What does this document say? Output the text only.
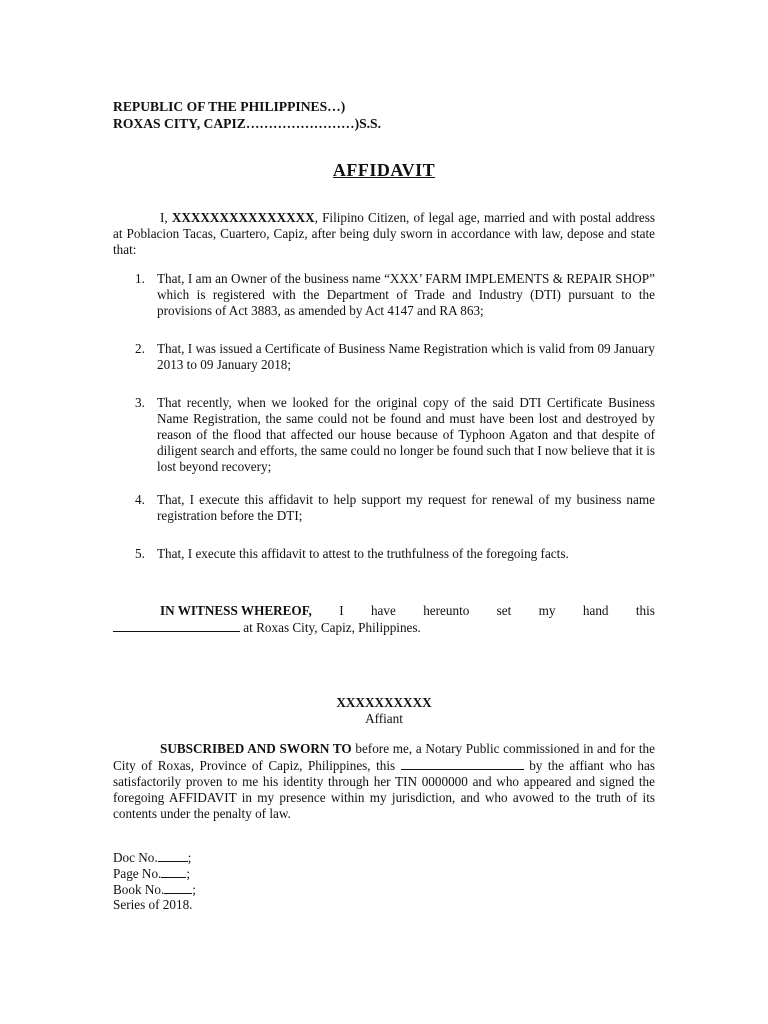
REPUBLIC OF THE PHILIPPINES…)
ROXAS CITY, CAPIZ……………………)S.S.
AFFIDAVIT
I, XXXXXXXXXXXXXXX, Filipino Citizen, of legal age, married and with postal address at Poblacion Tacas, Cuartero, Capiz, after being duly sworn in accordance with law, depose and state that:
1. That, I am an Owner of the business name “XXX’ FARM IMPLEMENTS & REPAIR SHOP” which is registered with the Department of Trade and Industry (DTI) pursuant to the provisions of Act 3883, as amended by Act 4147 and RA 863;
2. That, I was issued a Certificate of Business Name Registration which is valid from 09 January 2013 to 09 January 2018;
3. That recently, when we looked for the original copy of the said DTI Certificate Business Name Registration, the same could not be found and must have been lost and destroyed by reason of the flood that affected our house because of Typhoon Agaton and that despite of diligent search and efforts, the same could no longer be found such that I now believe that it is lost beyond recovery;
4. That, I execute this affidavit to help support my request for renewal of my business name registration before the DTI;
5. That, I execute this affidavit to attest to the truthfulness of the foregoing facts.
IN WITNESS WHEREOF, I have hereunto set my hand this
at Roxas City, Capiz, Philippines.
XXXXXXXXXX
Affiant
SUBSCRIBED AND SWORN TO before me, a Notary Public commissioned in and for the City of Roxas, Province of Capiz, Philippines, this	by the affiant who has satisfactorily proven to me his identity through her TIN 0000000 and who appeared and signed the foregoing AFFIDAVIT in my presence within my jurisdiction, and who avowed to the truth of its contents under the penalty of law.
Doc No. ;
Page No. ;
Book No. ;
Series of 2018.
